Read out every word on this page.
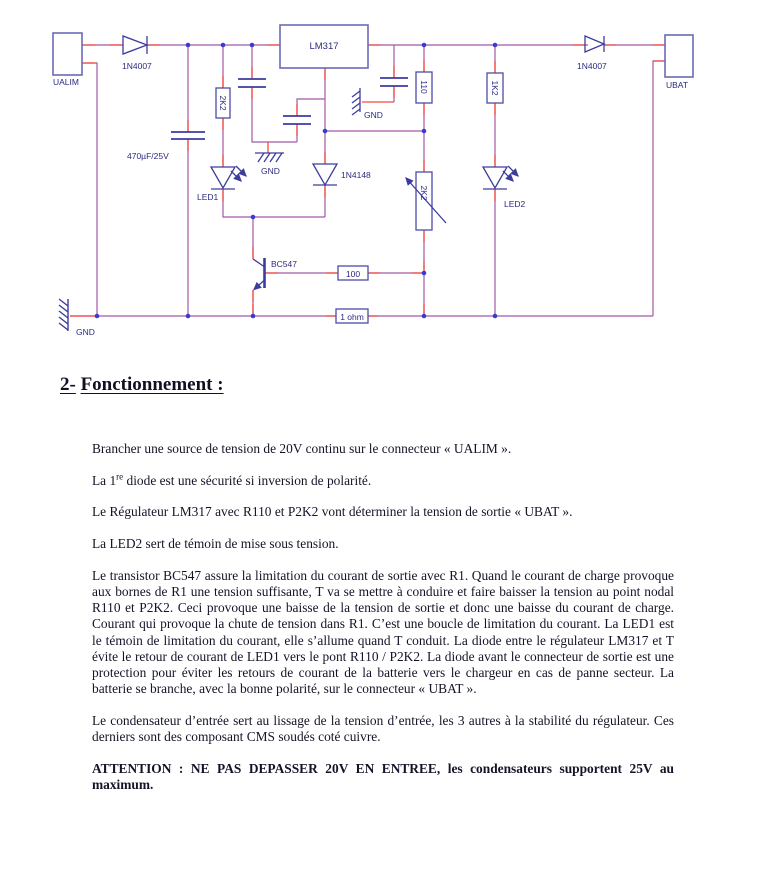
LM317
UALIM	UBAT
1N4007	1N4007
1N4148
470µF/25V
2K2
110	1K2
2K2
100
1 ohm
LED1
LED2
BC547
GND
GND
GND
2- Fonctionnement :

Brancher une source de tension de 20V continu sur le connecteur « UALIM ».

La 1re diode est une sécurité si inversion de polarité.

Le Régulateur LM317 avec R110 et P2K2 vont déterminer la tension de sortie « UBAT ».

La LED2 sert de témoin de mise sous tension.

Le transistor BC547 assure la limitation du courant de sortie avec R1. Quand le courant de charge provoque aux bornes de R1 une tension suffisante, T va se mettre à conduire et faire baisser la tension au point nodal R110 et P2K2. Ceci provoque une baisse de la tension de sortie et donc une baisse du courant de charge. Courant qui provoque la chute de tension dans R1. C’est une boucle de limitation du courant. La LED1 est le témoin de limitation du courant, elle s’allume quand T conduit. La diode entre le régulateur LM317 et T évite le retour de courant de LED1 vers le pont R110 / P2K2. La diode avant le connecteur de sortie est une protection pour éviter les retours de courant de la batterie vers le chargeur en cas de panne secteur. La batterie se branche, avec la bonne polarité, sur le connecteur « UBAT ».

Le condensateur d’entrée sert au lissage de la tension d’entrée, les 3 autres à la stabilité du régulateur. Ces derniers sont des composant CMS soudés coté cuivre.

ATTENTION : NE PAS DEPASSER 20V EN ENTREE, les condensateurs supportent 25V au maximum.
